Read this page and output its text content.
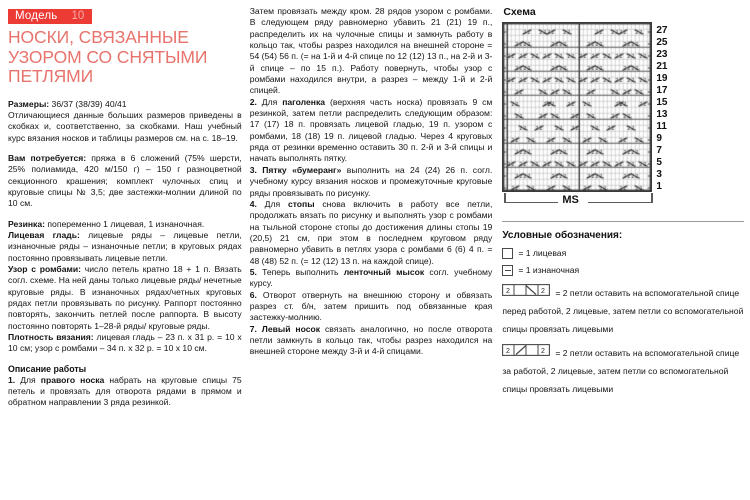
Модель 10
НОСКИ, СВЯЗАННЫЕ УЗОРОМ СО СНЯТЫМИ ПЕТЛЯМИ

Размеры: 36/37 (38/39) 40/41

Отличающиеся данные больших размеров приведены в скобках и, соответственно, за скобками. Наш учебный курс вязания носков и таблицы размеров см. на с. 18–19.

Вам потребуется: пряжа в 6 сложений (75% шерсти, 25% полиамида, 420 м/150 г) – 150 г разноцветной секционного крашения; комплект чулочных спиц и круговые спицы № 3,5; две застежки-молнии длиной по 10 см.

Резинка: попеременно 1 лицевая, 1 изнаночная.

Лицевая гладь: лицевые ряды – лицевые петли, изнаночные ряды – изнаночные петли; в круговых рядах постоянно провязывать лицевые петли.

Узор с ромбами: число петель кратно 18 + 1 п. Вязать согл. схеме. На ней даны только лицевые ряды/ нечетные круговые ряды. В изнаночных рядах/четных круговых рядах петли провязывать по рисунку. Раппорт постоянно повторять, закончить петлей после раппорта. В высоту постоянно повторять 1–28-й ряды/ круговые ряды.

Плотность вязания: лицевая гладь – 23 п. x 31 р. = 10 x 10 см; узор с ромбами – 34 п. x 32 р. = 10 x 10 см.

Описание работы

1. Для правого носка набрать на круговые спицы 75 петель и провязать для отворота рядами в прямом и обратном направлении 3 ряда резинкой.

Затем провязать между кром. 28 рядов узором с ромбами. В следующем ряду равномерно убавить 21 (21) 19 п., распределить их на чулочные спицы и замкнуть работу в кольцо так, чтобы разрез находился на внешней стороне = 54 (54) 56 п. (= на 1-й и 4-й спице по 12 (12) 13 п., на 2-й и 3-й спице – по 15 п.). Работу повернуть, чтобы узор с ромбами находился внутри, а разрез – между 1-й и 2-й спицей.

2. Для паголенка (верхняя часть носка) провязать 9 см резинкой, затем петли распределить следующим образом: 17 (17) 18 п. провязать лицевой гладью, 19 п. узором с ромбами, 18 (18) 19 п. лицевой гладью. Через 4 круговых ряда от резинки временно оставить 30 п. 2-й и 3-й спицы и начать выполнять пятку.

3. Пятку «бумеранг» выполнить на 24 (24) 26 п. согл. учебному курсу вязания носков и промежуточные круговые ряды провязывать по рисунку.

4. Для стопы снова включить в работу все петли, продолжать вязать по рисунку и выполнять узор с ромбами на тыльной стороне стопы до достижения длины стопы 19 (20,5) 21 см, при этом в последнем круговом ряду равномерно убавить в петлях узора с ромбами 6 (6) 4 п. = 48 (48) 52 п. (= 12 (12) 13 п. на каждой спице).

5. Теперь выполнить ленточный мысок согл. учебному курсу.

6. Отворот отвернуть на внешнюю сторону и обвязать разрез ст. б/н, затем пришить под обвязанные края застежку-молнию.

7. Левый носок связать аналогично, но после отворота петли замкнуть в кольцо так, чтобы разрез находился на внешней стороне между 3-й и 4-й спицами.

Схема
1
3
5
7
9
11
13
15
17
19
21
23
25
27
MS
Условные обозначения:
= 1 лицевая
= 1 изнаночная
2	2 = 2 петли оставить на вспомогательной спице перед работой, 2 лицевые, затем петли со вспомогательной спицы провязать лицевыми
2	2 = 2 петли оставить на вспомогательной спице за работой, 2 лицевые, затем петли со вспомогательной спицы провязать лицевыми
